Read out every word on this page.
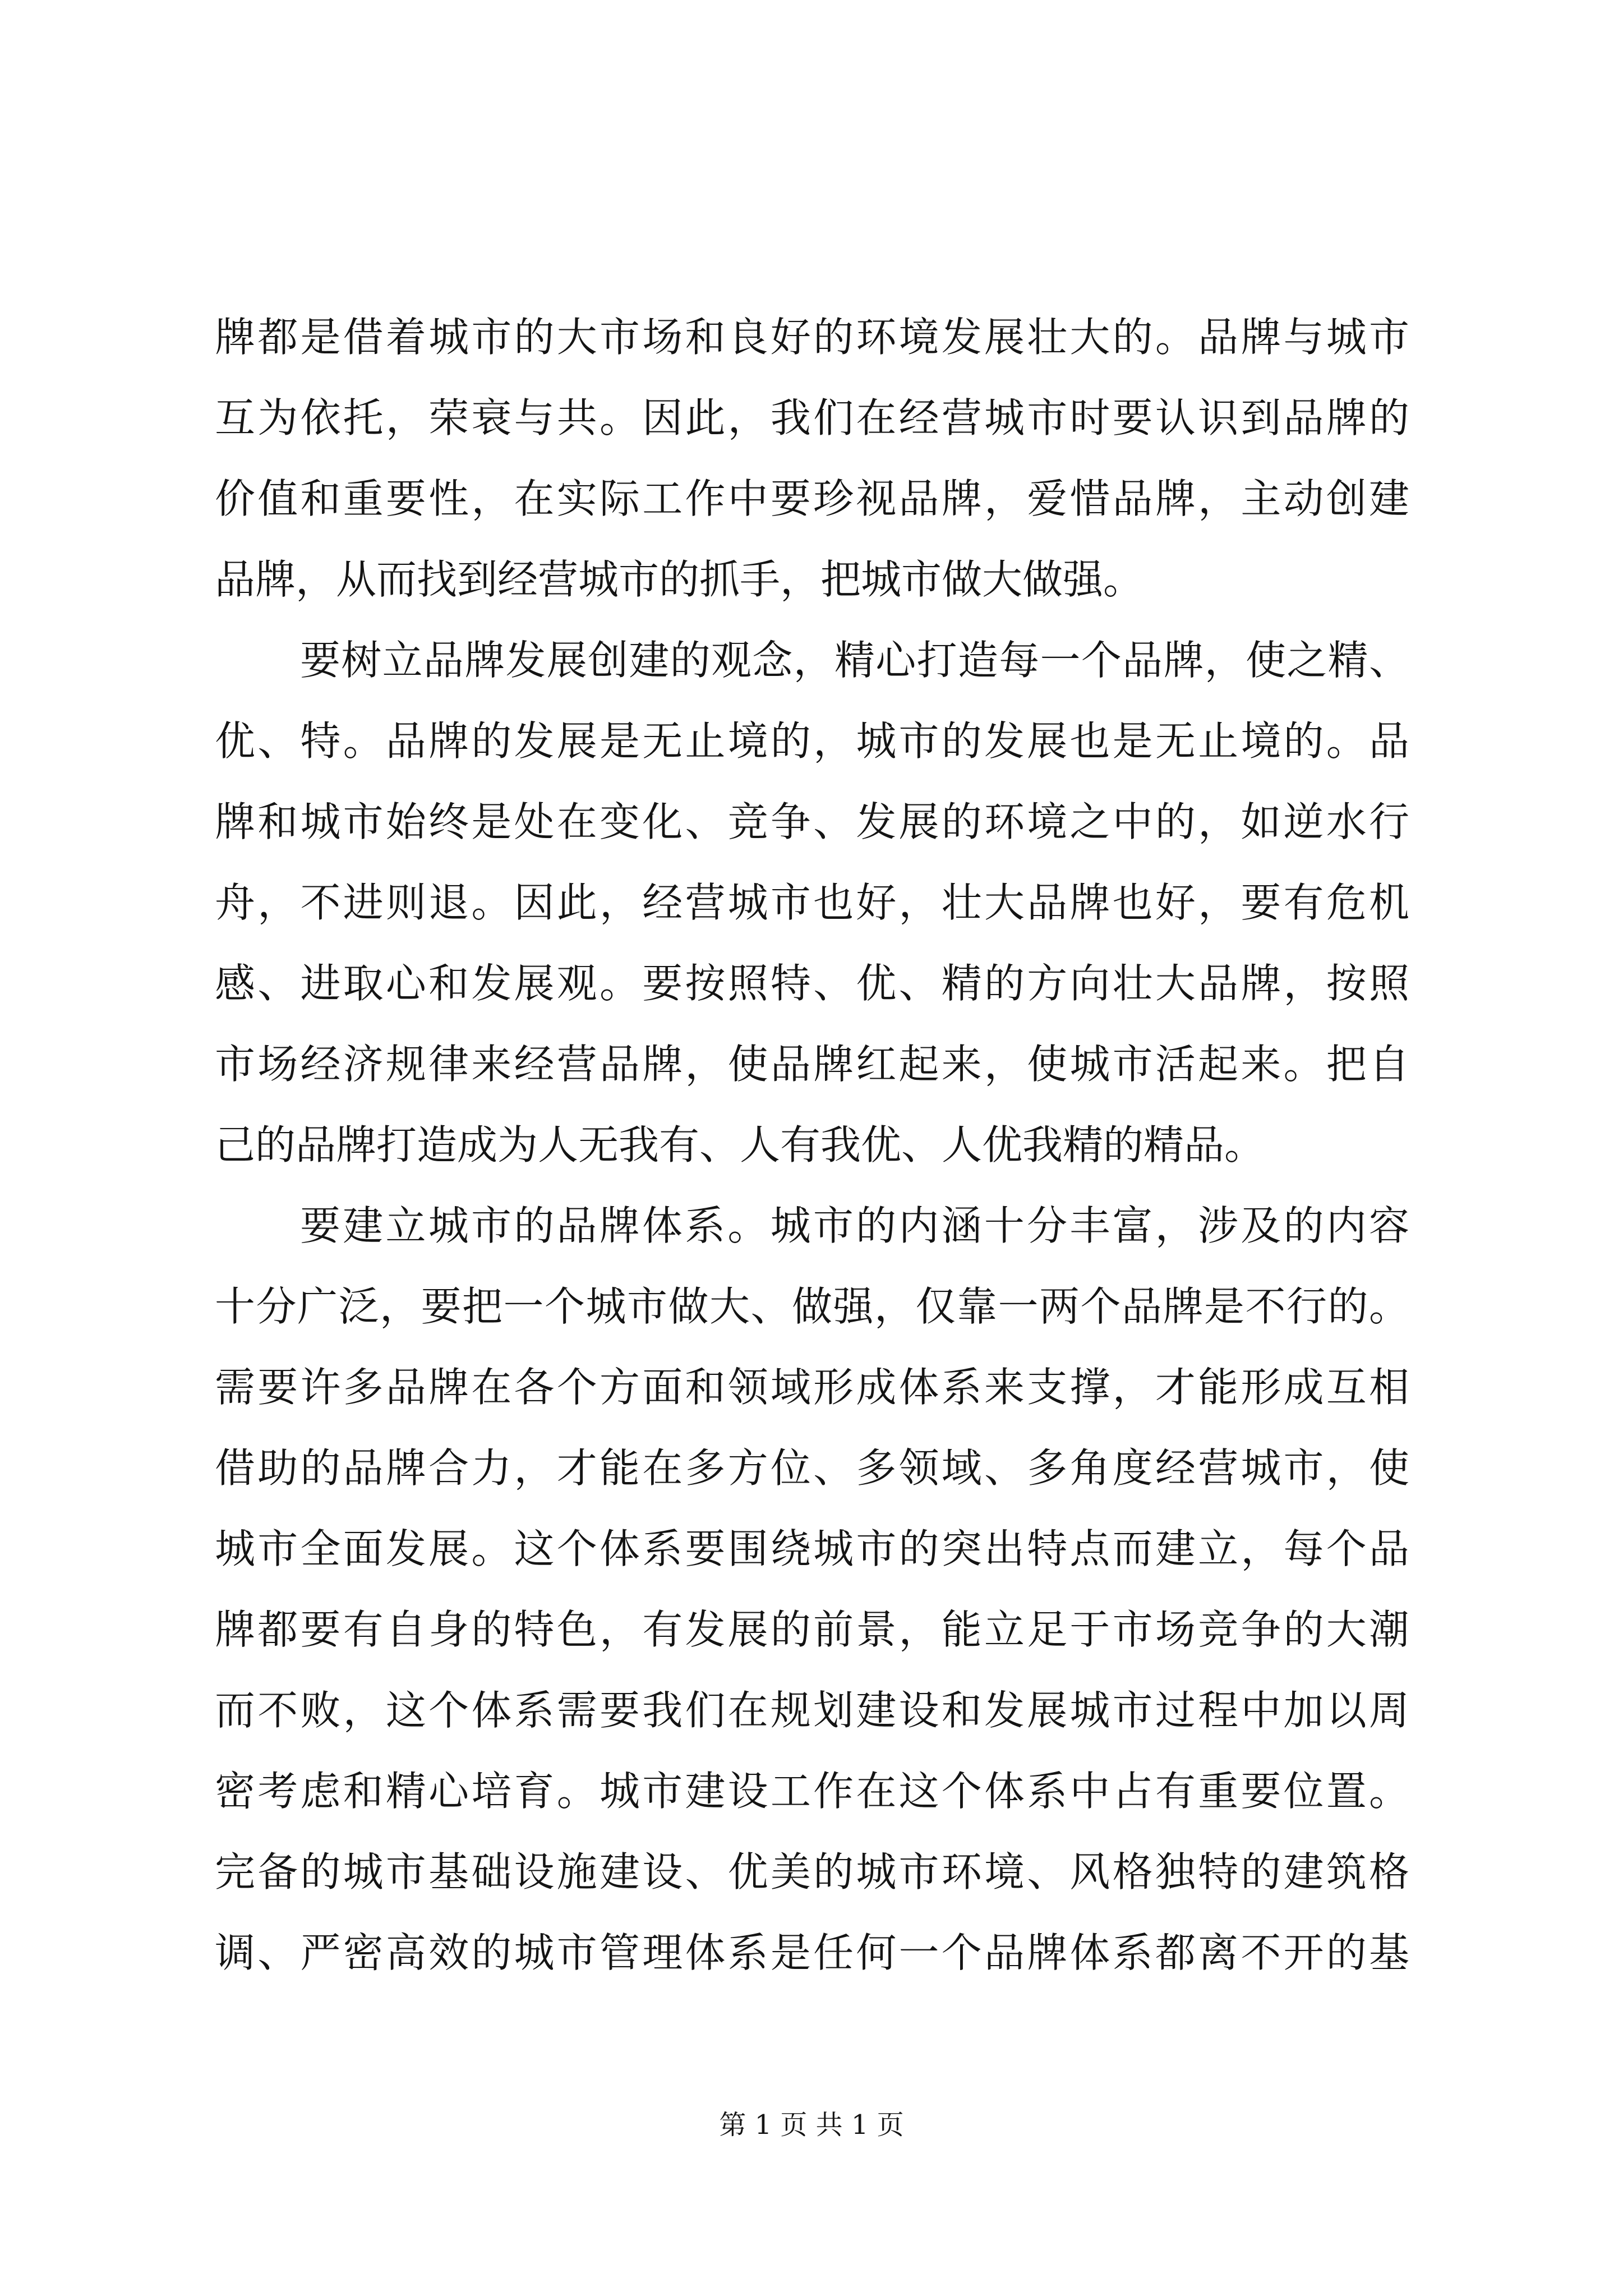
牌都是借着城市的大市场和良好的环境发展壮大的。品牌与城市
互为依托，荣衰与共。因此，我们在经营城市时要认识到品牌的
价值和重要性，在实际工作中要珍视品牌，爱惜品牌，主动创建
品牌，从而找到经营城市的抓手，把城市做大做强。
要树立品牌发展创建的观念，精心打造每一个品牌，使之精、
优、特。品牌的发展是无止境的，城市的发展也是无止境的。品
牌和城市始终是处在变化、竞争、发展的环境之中的，如逆水行
舟，不进则退。因此，经营城市也好，壮大品牌也好，要有危机
感、进取心和发展观。要按照特、优、精的方向壮大品牌，按照
市场经济规律来经营品牌，使品牌红起来，使城市活起来。把自
己的品牌打造成为人无我有、人有我优、人优我精的精品。
要建立城市的品牌体系。城市的内涵十分丰富，涉及的内容
十分广泛，要把一个城市做大、做强，仅靠一两个品牌是不行的。
需要许多品牌在各个方面和领域形成体系来支撑，才能形成互相
借助的品牌合力，才能在多方位、多领域、多角度经营城市，使
城市全面发展。这个体系要围绕城市的突出特点而建立，每个品
牌都要有自身的特色，有发展的前景，能立足于市场竞争的大潮
而不败，这个体系需要我们在规划建设和发展城市过程中加以周
密考虑和精心培育。城市建设工作在这个体系中占有重要位置。
完备的城市基础设施建设、优美的城市环境、风格独特的建筑格
调、严密高效的城市管理体系是任何一个品牌体系都离不开的基
第 1 页 共 1 页
